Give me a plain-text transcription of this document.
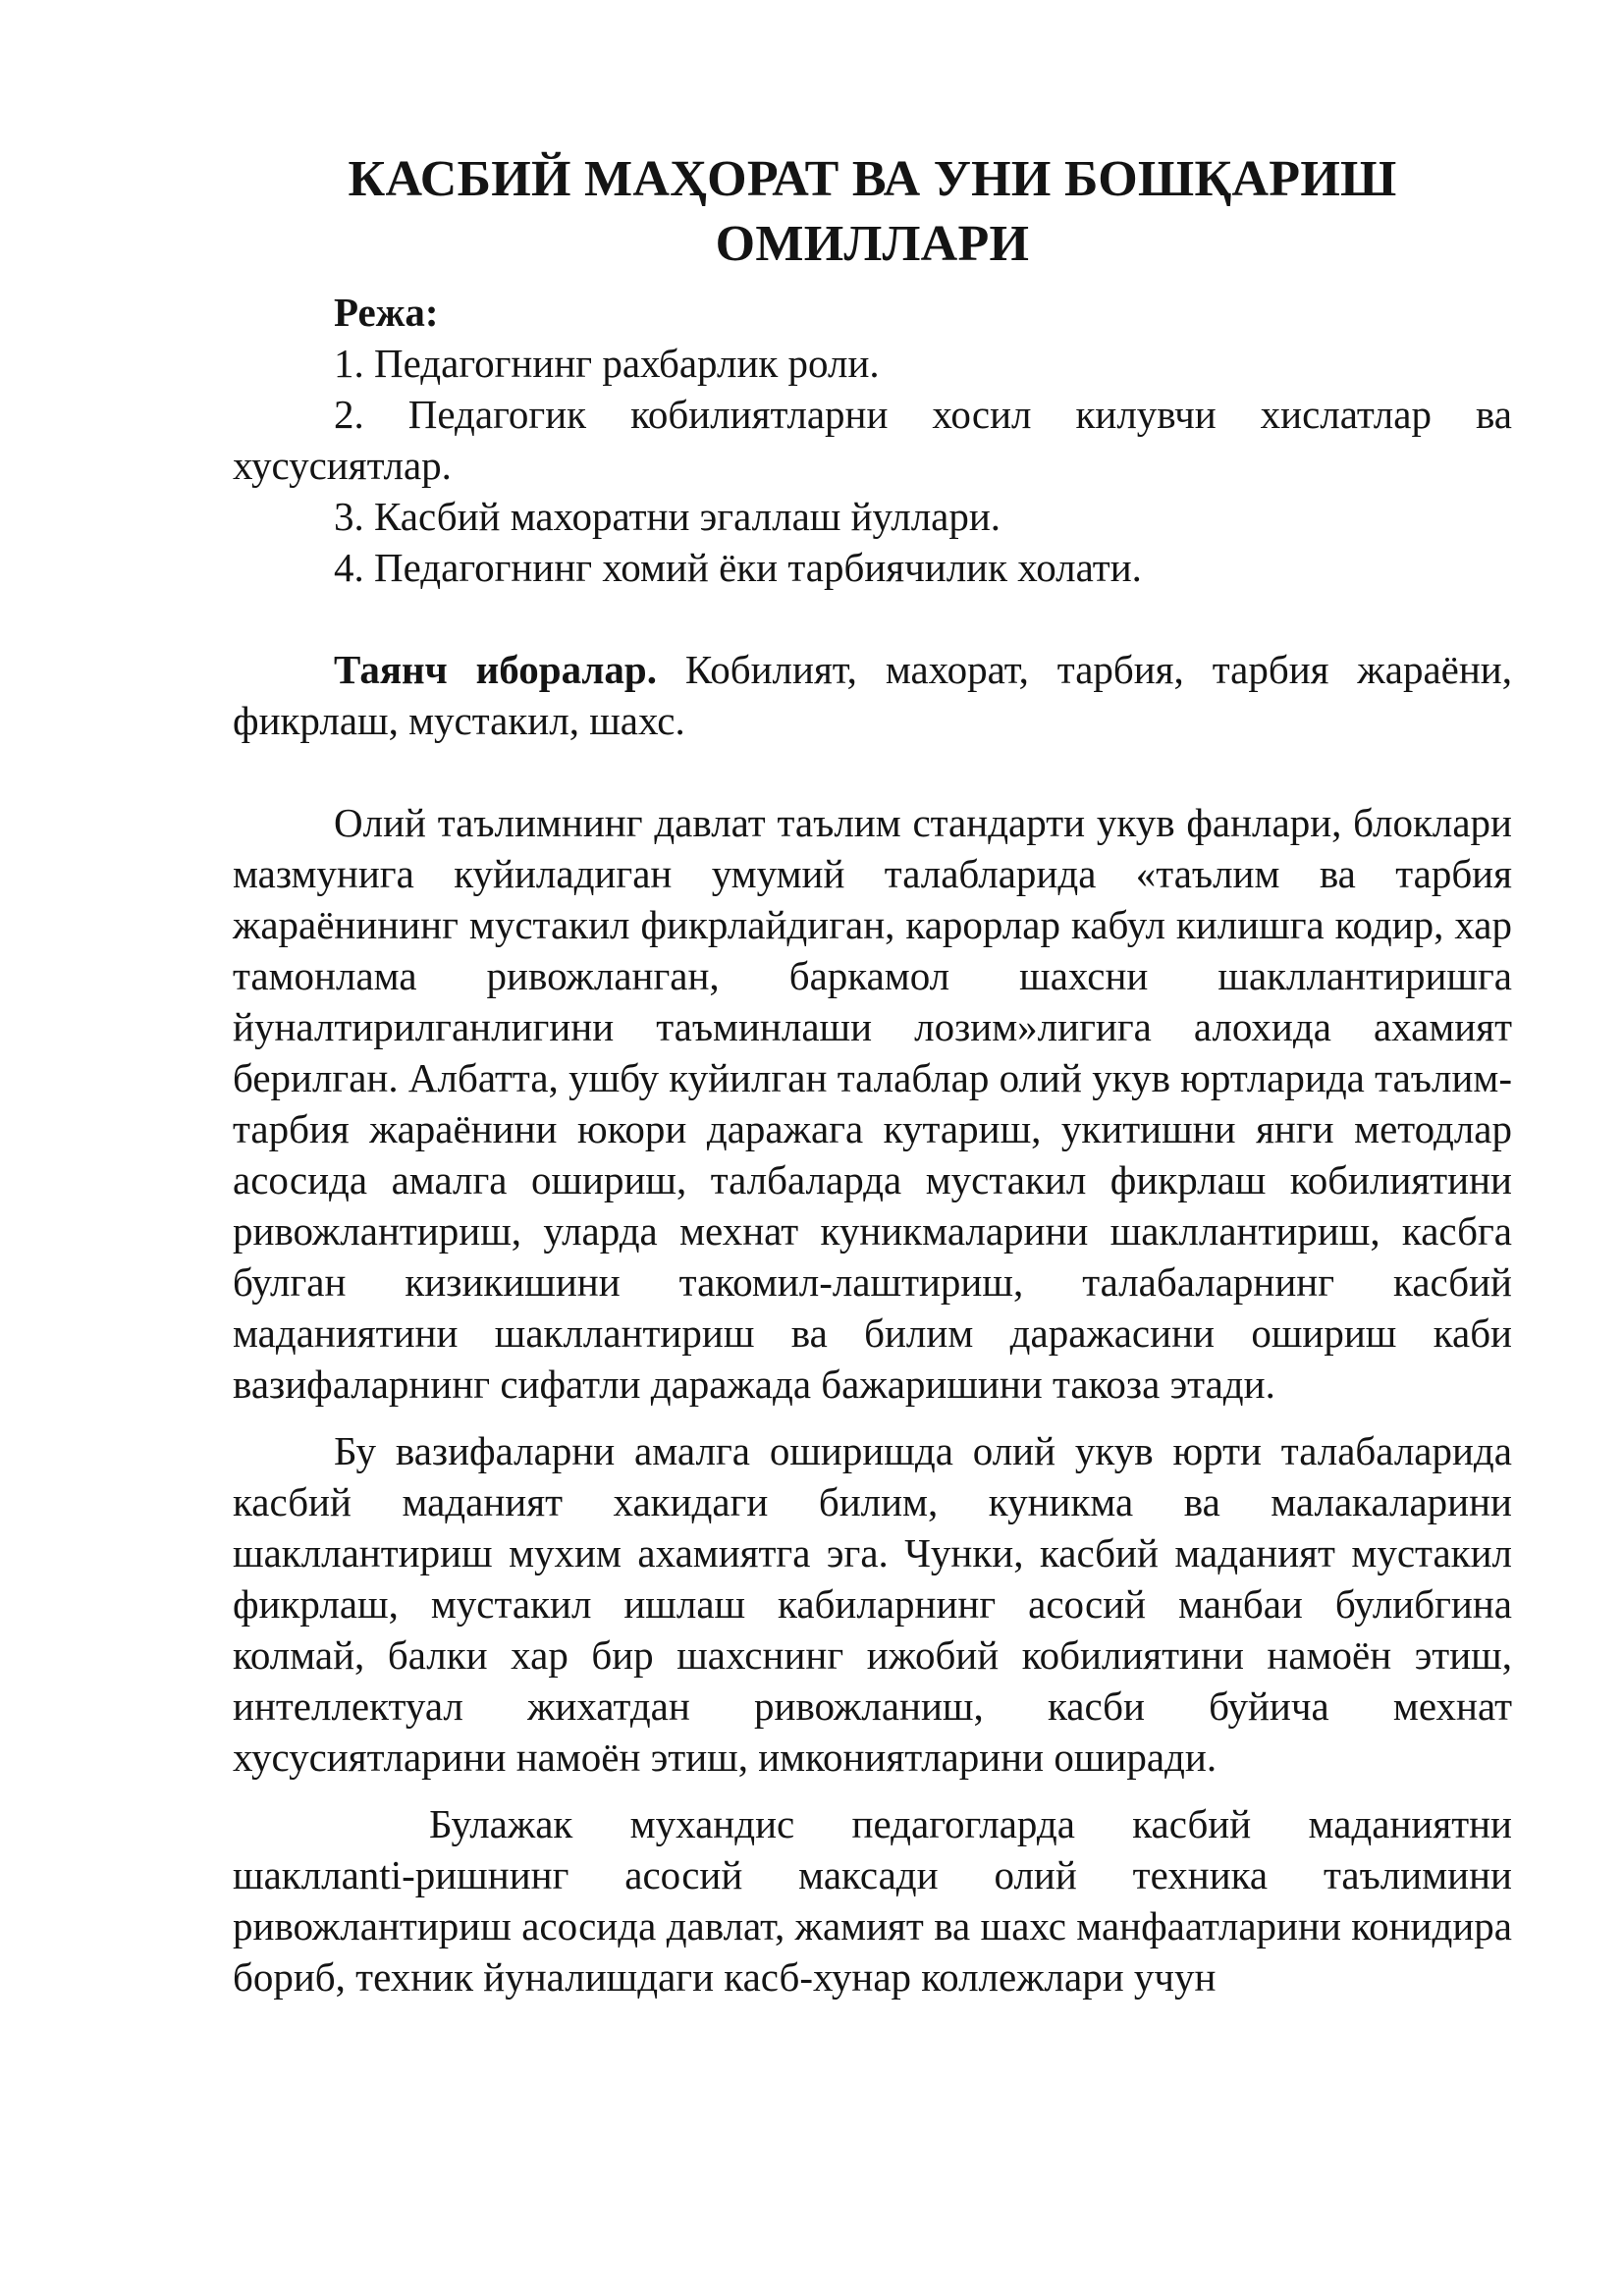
КАСБИЙ МАҲОРАТ ВА УНИ БОШҚАРИШ
ОМИЛЛАРИ
Режа:
1. Педагогнинг рахбарлик роли.
2. Педагогик кобилиятларни хосил килувчи хислатлар ва хусусиятлар.
3. Касбий махоратни эгаллаш йуллари.
4. Педагогнинг хомий ёки тарбиячилик холати.

Таянч иборалар. Кобилият, махорат, тарбия, тарбия жараёни, фикрлаш, мустакил, шахс.

Олий таълимнинг давлат таълим стандарти укув фанлари, блоклари мазмунига куйиладиган умумий талабларида «таълим ва тарбия жараёнининг мустакил фикрлайдиган, карорлар кабул килишга кодир, хар тамонлама ривожланган, баркамол шахсни шакллантиришга йуналтирилганлигини таъминлаши лозим»лигига алохида ахамият берилган. Албатта, ушбу куйилган талаблар олий укув юртларида таълим-тарбия жараёнини юкори даражага кутариш, укитишни янги методлар асосида амалга ошириш, талбаларда мустакил фикрлаш кобилиятини ривожлантириш, уларда мехнат куникмаларини шакллантириш, касбга булган кизикишини такомил-лаштириш, талабаларнинг касбий маданиятини шакллантириш ва билим даражасини ошириш каби вазифаларнинг сифатли даражада бажаришини такоза этади.

Бу вазифаларни амалга оширишда олий укув юрти талабаларида касбий маданият хакидаги билим, куникма ва малакаларини шакллантириш мухим ахамиятга эга. Чунки, касбий маданият мустакил фикрлаш, мустакил ишлаш кабиларнинг асосий манбаи булибгина колмай, балки хар бир шахснинг ижобий кобилиятини намоён этиш, интеллектуал жихатдан ривожланиш, касби буйича мехнат хусусиятларини намоён этиш, имкониятларини оширади.

Булажак мухандис педагогларда касбий маданиятни шакллanti-ришнинг асосий максади олий техника таълимини ривожлантириш асосида давлат, жамият ва шахс манфаатларини конидира бориб, техник йуналишдаги касб-хунар коллежлари учун
